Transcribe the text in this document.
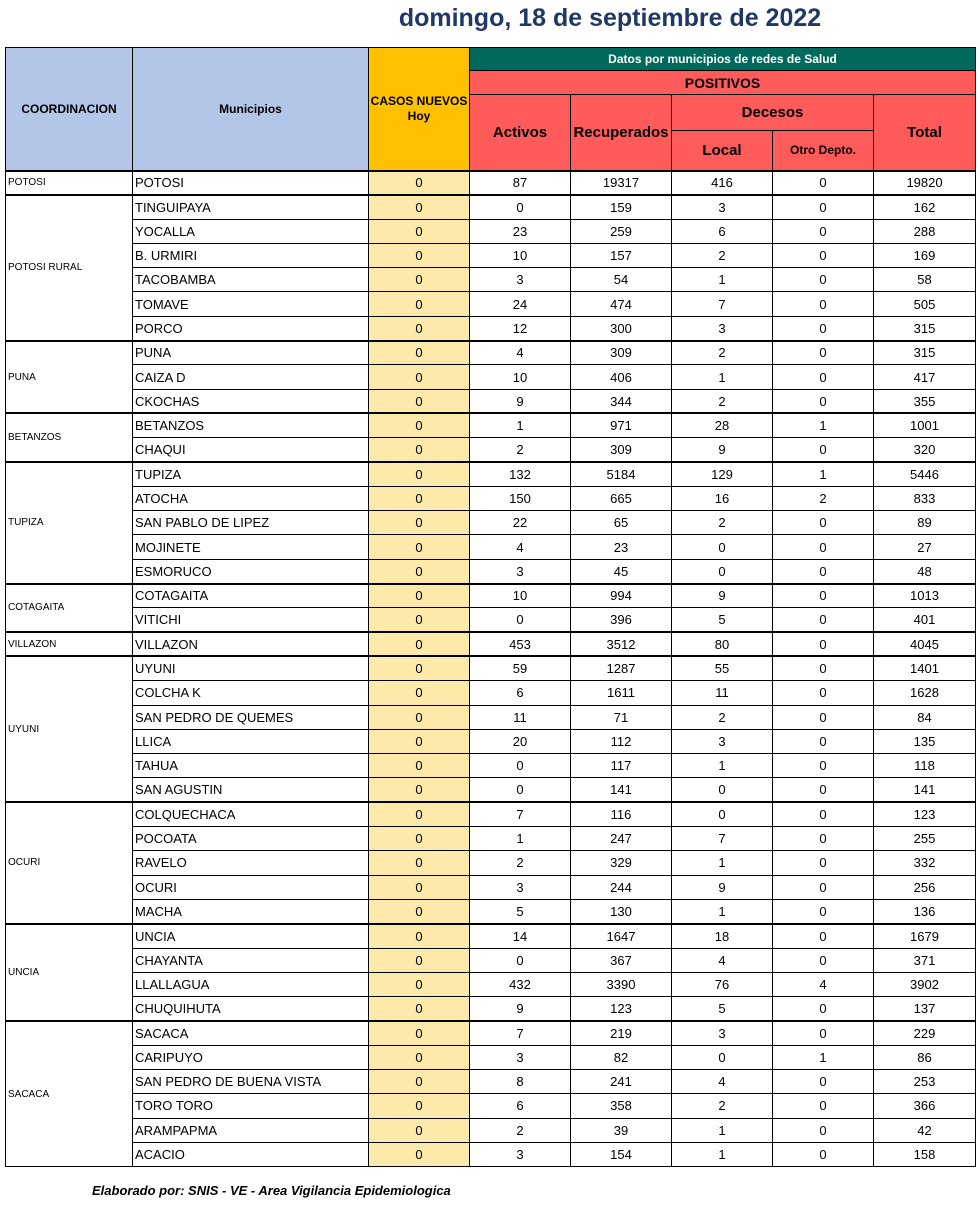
domingo, 18 de septiembre de 2022
COORDINACION	Municipios	CASOS NUEVOS Hoy	Datos por municipios de redes de Salud				
			POSITIVOS				
			Activos	Recuperados	Decesos		Total

					Local	Otro Depto.	
POTOSI	POTOSI	0	87	19317	416	0	19820
POTOSI RURAL	TINGUIPAYA	0	0	159	3	0	162
	YOCALLA	0	23	259	6	0	288
	B. URMIRI	0	10	157	2	0	169
	TACOBAMBA	0	3	54	1	0	58
	TOMAVE	0	24	474	7	0	505
	PORCO	0	12	300	3	0	315
PUNA	PUNA	0	4	309	2	0	315
	CAIZA D	0	10	406	1	0	417
	CKOCHAS	0	9	344	2	0	355
BETANZOS	BETANZOS	0	1	971	28	1	1001
	CHAQUI	0	2	309	9	0	320
TUPIZA	TUPIZA	0	132	5184	129	1	5446
	ATOCHA	0	150	665	16	2	833
	SAN PABLO DE LIPEZ	0	22	65	2	0	89
	MOJINETE	0	4	23	0	0	27
	ESMORUCO	0	3	45	0	0	48
COTAGAITA	COTAGAITA	0	10	994	9	0	1013
	VITICHI	0	0	396	5	0	401
VILLAZON	VILLAZON	0	453	3512	80	0	4045
UYUNI	UYUNI	0	59	1287	55	0	1401
	COLCHA K	0	6	1611	11	0	1628
	SAN PEDRO DE QUEMES	0	11	71	2	0	84
	LLICA	0	20	112	3	0	135
	TAHUA	0	0	117	1	0	118
	SAN AGUSTIN	0	0	141	0	0	141
OCURI	COLQUECHACA	0	7	116	0	0	123
	POCOATA	0	1	247	7	0	255
	RAVELO	0	2	329	1	0	332
	OCURI	0	3	244	9	0	256
	MACHA	0	5	130	1	0	136
UNCIA	UNCIA	0	14	1647	18	0	1679
	CHAYANTA	0	0	367	4	0	371
	LLALLAGUA	0	432	3390	76	4	3902
	CHUQUIHUTA	0	9	123	5	0	137
SACACA	SACACA	0	7	219	3	0	229
	CARIPUYO	0	3	82	0	1	86
	SAN PEDRO DE BUENA VISTA	0	8	241	4	0	253
	TORO TORO	0	6	358	2	0	366
	ARAMPAPMA	0	2	39	1	0	42
	ACACIO	0	3	154	1	0	158
Elaborado por: SNIS - VE - Area Vigilancia Epidemiologica
